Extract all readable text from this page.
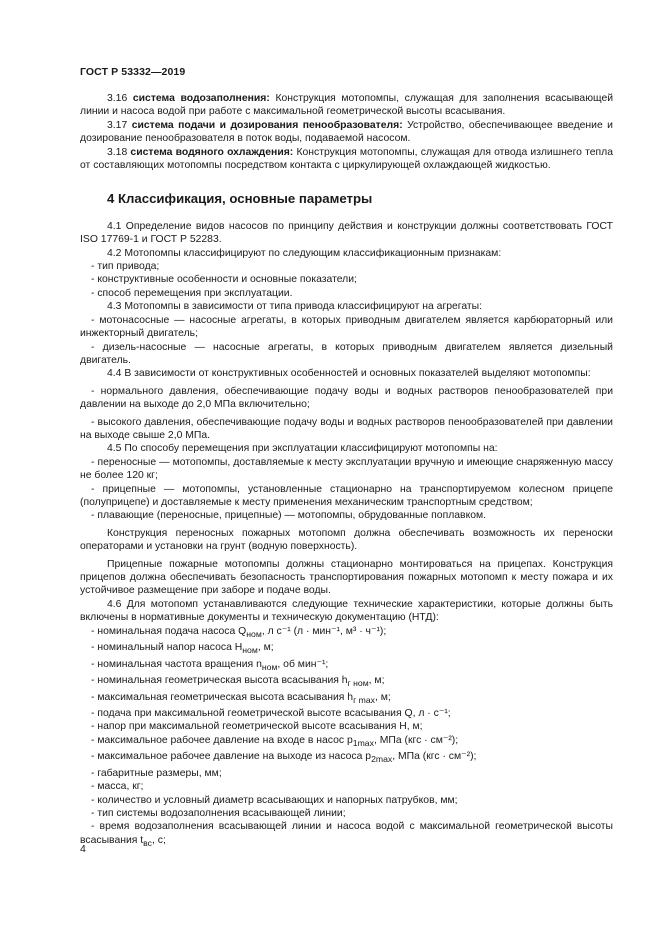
ГОСТ Р 53332—2019

3.16 система водозаполнения: Конструкция мотопомпы, служащая для заполнения всасывающей линии и насоса водой при работе с максимальной геометрической высоты всасывания.

3.17 система подачи и дозирования пенообразователя: Устройство, обеспечивающее введение и дозирование пенообразователя в поток воды, подаваемой насосом.

3.18 система водяного охлаждения: Конструкция мотопомпы, служащая для отвода излишнего тепла от составляющих мотопомпы посредством контакта с циркулирующей охлаждающей жидкостью.

4 Классификация, основные параметры

4.1 Определение видов насосов по принципу действия и конструкции должны соответствовать ГОСТ ISO 17769-1 и ГОСТ Р 52283.

4.2 Мотопомпы классифицируют по следующим классификационным признакам:

- тип привода;

- конструктивные особенности и основные показатели;

- способ перемещения при эксплуатации.

4.3 Мотопомпы в зависимости от типа привода классифицируют на агрегаты:

- мотонасосные — насосные агрегаты, в которых приводным двигателем является карбюраторный или инжекторный двигатель;

- дизель-насосные — насосные агрегаты, в которых приводным двигателем является дизельный двигатель.

4.4 В зависимости от конструктивных особенностей и основных показателей выделяют мотопомпы:

- нормального давления, обеспечивающие подачу воды и водных растворов пенообразователей при давлении на выходе до 2,0 МПа включительно;

- высокого давления, обеспечивающие подачу воды и водных растворов пенообразователей при давлении на выходе свыше 2,0 МПа.

4.5 По способу перемещения при эксплуатации классифицируют мотопомпы на:

- переносные — мотопомпы, доставляемые к месту эксплуатации вручную и имеющие снаряженную массу не более 120 кг;

- прицепные — мотопомпы, установленные стационарно на транспортируемом колесном прицепе (полуприцепе) и доставляемые к месту применения механическим транспортным средством;

- плавающие (переносные, прицепные) — мотопомпы, обрудованные поплавком.

Конструкция переносных пожарных мотопомп должна обеспечивать возможность их переноски операторами и установки на грунт (водную поверхность).

Прицепные пожарные мотопомпы должны стационарно монтироваться на прицепах. Конструкция прицепов должна обеспечивать безопасность транспортирования пожарных мотопомп к месту пожара и их устойчивое размещение при заборе и подаче воды.

4.6 Для мотопомп устанавливаются следующие технические характеристики, которые должны быть включены в нормативные документы и техническую документацию (НТД):

- номинальная подача насоса $Q_{ном}$, л с⁻¹ (л · мин⁻¹, м³ · ч⁻¹);

- номинальный напор насоса $H_{ном}$, м;

- номинальная частота вращения $n_{ном}$, об мин⁻¹;

- номинальная геометрическая высота всасывания $h_{г ном}$, м;

- максимальная геометрическая высота всасывания $h_{г max}$, м;

- подача при максимальной геометрической высоте всасывания Q, л · с⁻¹;

- напор при максимальной геометрической высоте всасывания H, м;

- максимальное рабочее давление на входе в насос $p_{1max}$, МПа (кгс · см⁻²);

- максимальное рабочее давление на выходе из насоса $p_{2max}$, МПа (кгс · см⁻²);

- габаритные размеры, мм;

- масса, кг;

- количество и условный диаметр всасывающих и напорных патрубков, мм;

- тип системы водозаполнения всасывающей линии;

- время водозаполнения всасывающей линии и насоса водой с максимальной геометрической высоты всасывания $t_{вс}$, с;

4
